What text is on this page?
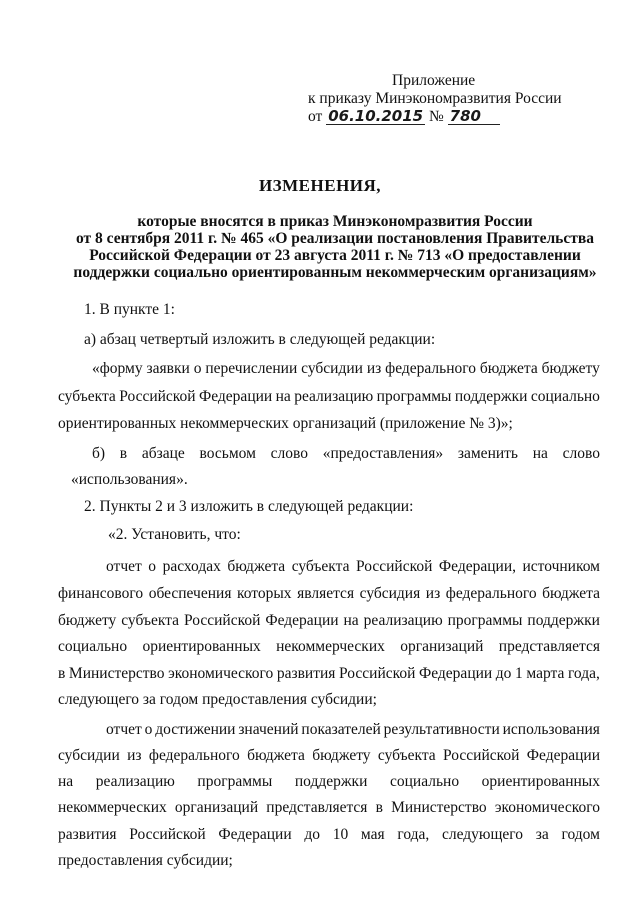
Приложение
к приказу Минэкономразвития России
от 06.10.2015 № 780
ИЗМЕНЕНИЯ,
которые вносятся в приказ Минэкономразвития России
от 8 сентября 2011 г. № 465 «О реализации постановления Правительства
Российской Федерации от 23 августа 2011 г. № 713 «О предоставлении
поддержки социально ориентированным некоммерческим организациям»
1. В пункте 1:
а) абзац четвертый изложить в следующей редакции:
«форму заявки о перечислении субсидии из федерального бюджета бюджету
субъекта Российской Федерации на реализацию программы поддержки социально
ориентированных некоммерческих организаций (приложение № 3)»;
б) в абзаце восьмом слово «предоставления» заменить на слово
«использования».
2. Пункты 2 и 3 изложить в следующей редакции:
«2. Установить, что:
отчет о расходах бюджета субъекта Российской Федерации, источником
финансового обеспечения которых является субсидия из федерального бюджета
бюджету субъекта Российской Федерации на реализацию программы поддержки
социально ориентированных некоммерческих организаций представляется
в Министерство экономического развития Российской Федерации до 1 марта года,
следующего за годом предоставления субсидии;
отчет о достижении значений показателей результативности использования
субсидии из федерального бюджета бюджету субъекта Российской Федерации
на реализацию программы поддержки социально ориентированных
некоммерческих организаций представляется в Министерство экономического
развития Российской Федерации до 10 мая года, следующего за годом
предоставления субсидии;
